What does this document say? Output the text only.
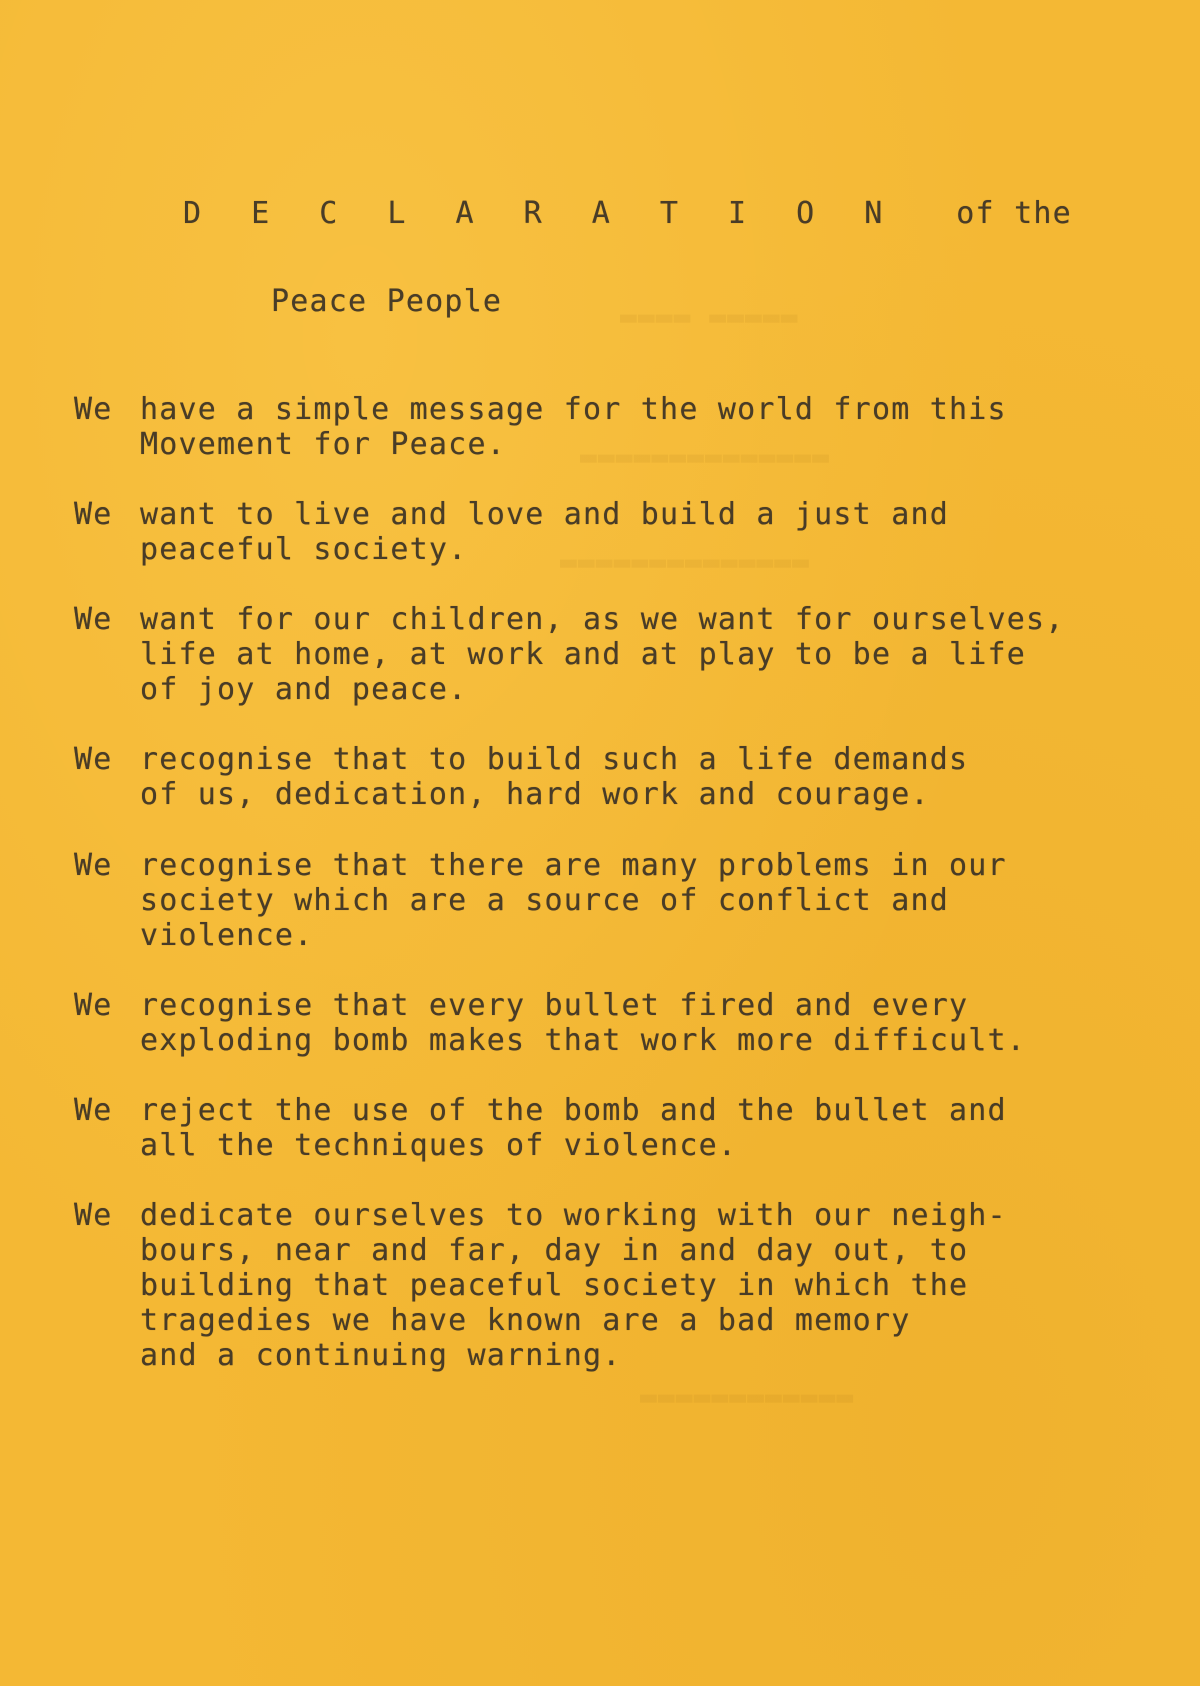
▬▬▬▬ ▬▬▬▬▬
▬▬▬▬▬▬▬▬▬▬▬▬▬▬
▬▬▬▬▬▬▬▬▬▬▬▬▬▬
▬▬▬▬▬▬▬▬▬▬▬▬
D E C L A R A T I O N of the
Peace People
We have a simple message for the world from this
Movement for Peace.
We want to live and love and build a just and
peaceful society.
We want for our children, as we want for ourselves,
life at home, at work and at play to be a life
of joy and peace.
We recognise that to build such a life demands
of us, dedication, hard work and courage.
We recognise that there are many problems in our
society which are a source of conflict and
violence.
We recognise that every bullet fired and every
exploding bomb makes that work more difficult.
We reject the use of the bomb and the bullet and
all the techniques of violence.
We dedicate ourselves to working with our neigh-
bours, near and far, day in and day out, to
building that peaceful society in which the
tragedies we have known are a bad memory
and a continuing warning.
